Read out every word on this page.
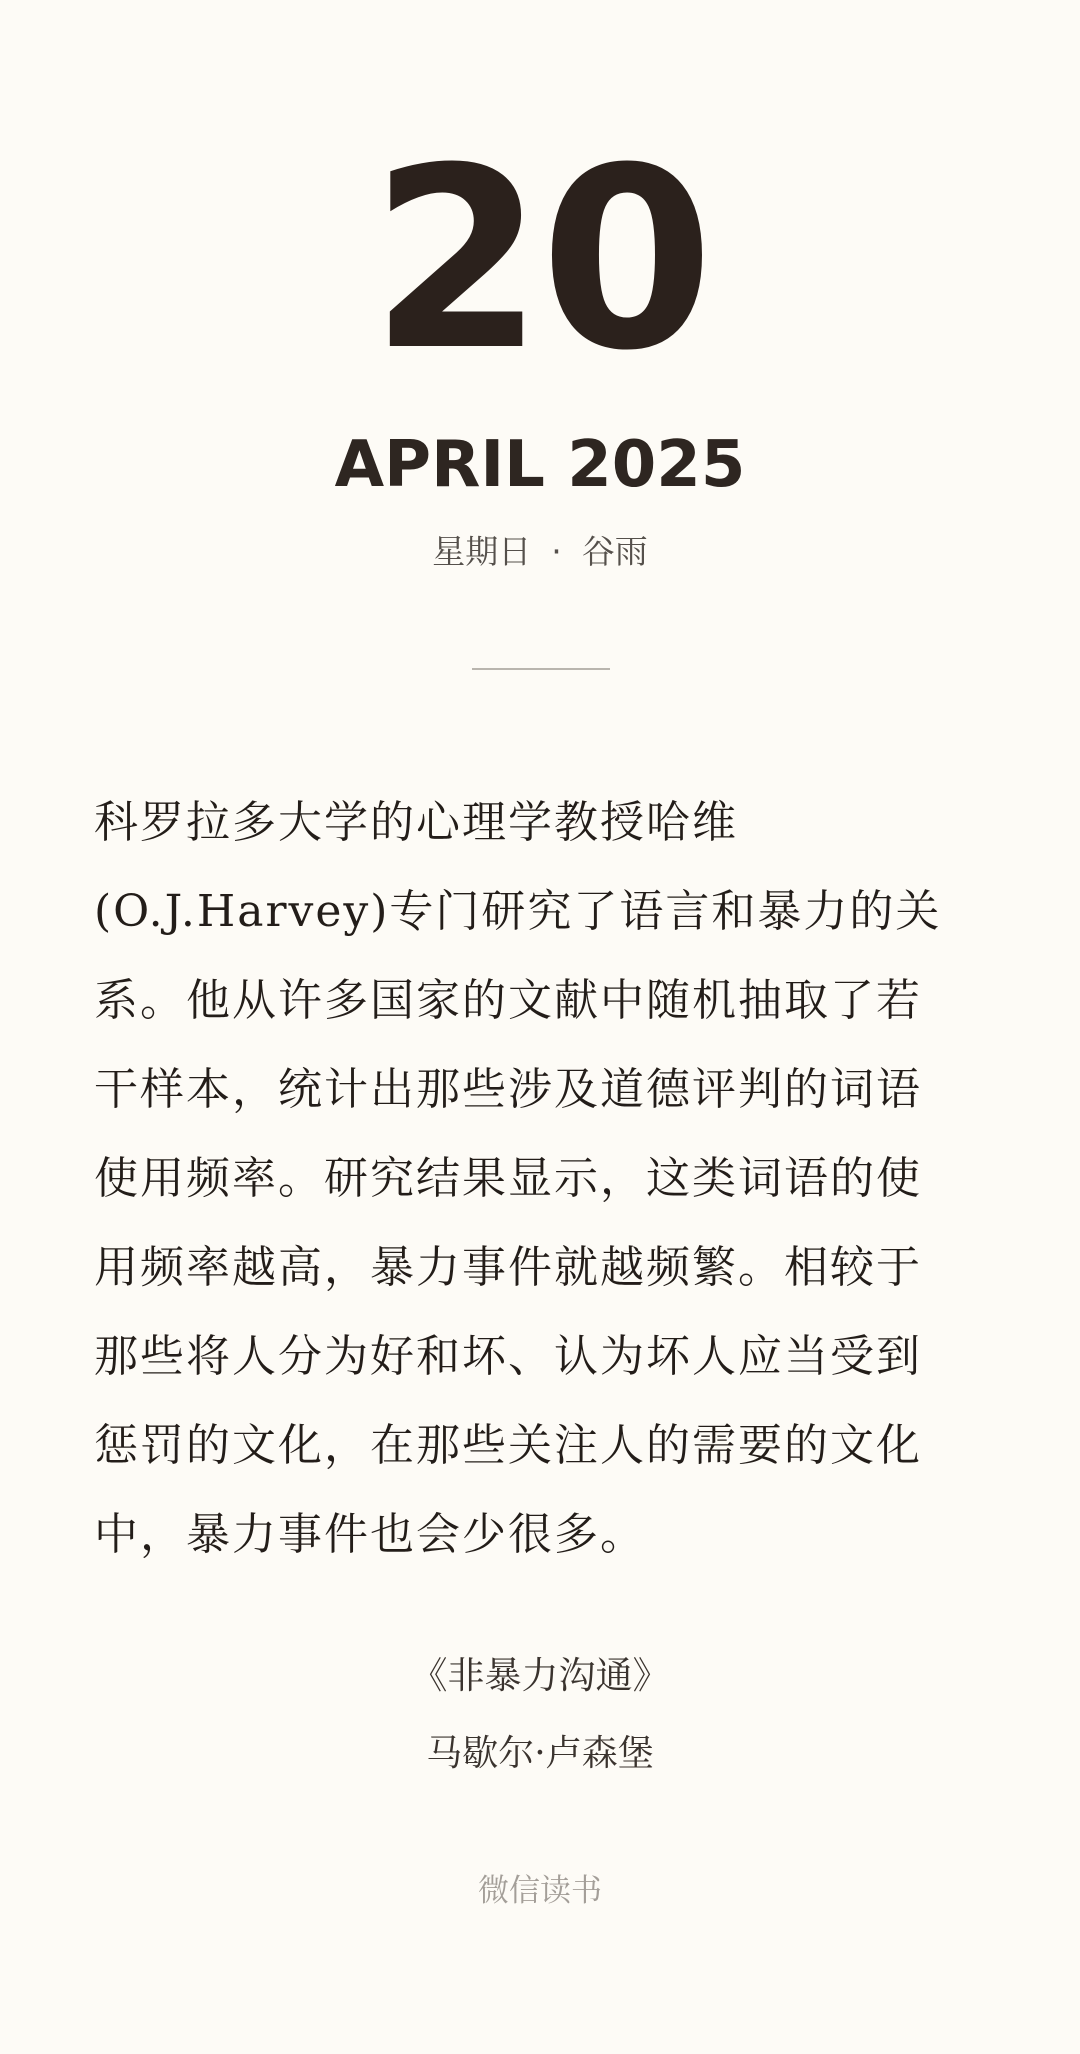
20
APRIL 2025
星期日 · 谷雨
科罗拉多大学的心理学教授哈维
(O.J.Harvey)专门研究了语言和暴力的关
系。他从许多国家的文献中随机抽取了若
干样本，统计出那些涉及道德评判的词语
使用频率。研究结果显示，这类词语的使
用频率越高，暴力事件就越频繁。相较于
那些将人分为好和坏、认为坏人应当受到
惩罚的文化，在那些关注人的需要的文化
中，暴力事件也会少很多。
《非暴力沟通》
马歇尔·卢森堡
微信读书
